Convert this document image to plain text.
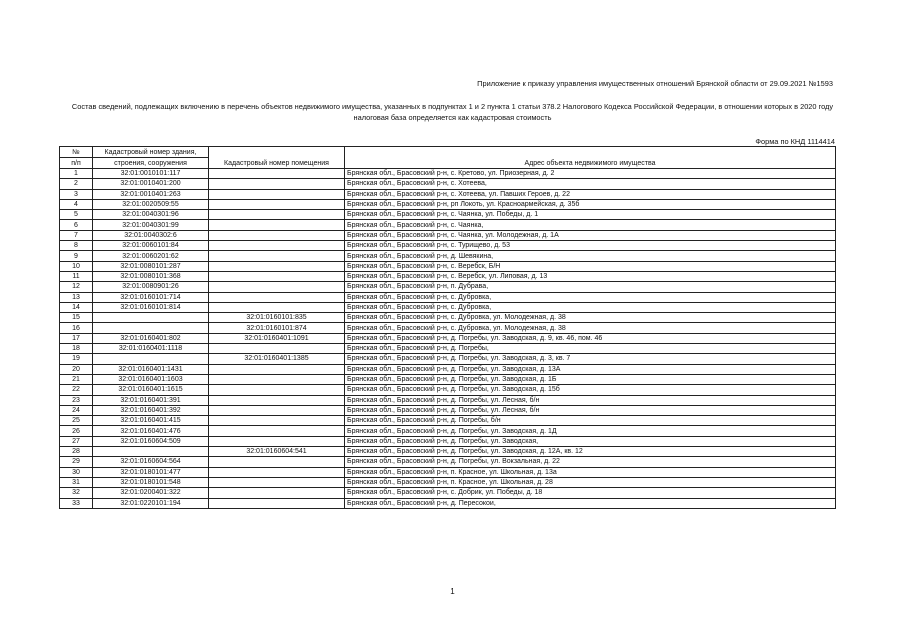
Приложение к приказу управления имущественных отношений Брянской области от 29.09.2021 №1593
Состав сведений, подлежащих включению в перечень объектов недвижимого имущества, указанных в подпунктах 1 и 2 пункта 1 статьи 378.2 Налогового Кодекса Российской Федерации, в отношении которых в 2020 году налоговая база определяется как кадастровая стоимость
Форма по КНД 1114414
№	Кадастровый номер здания,	Кадастровый номер помещения	Адрес объекта недвижимого имущества
п/п	строения, сооружения		
1	32:01:0010101:117		Брянская обл., Брасовский р-н, с. Кретово, ул. Приозерная, д. 2
2	32:01:0010401:200		Брянская обл., Брасовский р-н, с. Хотеева,
3	32:01:0010401:263		Брянская обл., Брасовский р-н, с. Хотеева, ул. Павших Героев, д. 22
4	32:01:0020509:55		Брянская обл., Брасовский р-н, рп Локоть, ул. Красноармейская, д. 35б
5	32:01:0040301:96		Брянская обл., Брасовский р-н, с. Чаянка, ул. Победы, д. 1
6	32:01:0040301:99		Брянская обл., Брасовский р-н, с. Чаянка,
7	32:01:0040302:6		Брянская обл., Брасовский р-н, с. Чаянка, ул. Молодежная, д. 1А
8	32:01:0060101:84		Брянская обл., Брасовский р-н, с. Турищево, д. 53
9	32:01:0060201:62		Брянская обл., Брасовский р-н, д. Шевякина,
10	32:01:0080101:287		Брянская обл., Брасовский р-н, с. Веребск, Б/Н
11	32:01:0080101:368		Брянская обл., Брасовский р-н, с. Веребск, ул. Липовая, д. 13
12	32:01:0080901:26		Брянская обл., Брасовский р-н, п. Дубрава,
13	32:01:0160101:714		Брянская обл., Брасовский р-н, с. Дубровка,
14	32:01:0160101:814		Брянская обл., Брасовский р-н, с. Дубровка,
15		32:01:0160101:835	Брянская обл., Брасовский р-н, с. Дубровка, ул. Молодежная, д. 38
16		32:01:0160101:874	Брянская обл., Брасовский р-н, с. Дубровка, ул. Молодежная, д. 38
17	32:01:0160401:802	32:01:0160401:1091	Брянская обл., Брасовский р-н, д. Погребы, ул. Заводская, д. 9, кв. 46, пом. 46
18	32:01:0160401:1118		Брянская обл., Брасовский р-н, д. Погребы,
19		32:01:0160401:1385	Брянская обл., Брасовский р-н, д. Погребы, ул. Заводская, д. 3, кв. 7
20	32:01:0160401:1431		Брянская обл., Брасовский р-н, д. Погребы, ул. Заводская, д. 13А
21	32:01:0160401:1603		Брянская обл., Брасовский р-н, д. Погребы, ул. Заводская, д. 1Б
22	32:01:0160401:1615		Брянская обл., Брасовский р-н, д. Погребы, ул. Заводская, д. 15б
23	32:01:0160401:391		Брянская обл., Брасовский р-н, д. Погребы, ул. Лесная, б/н
24	32:01:0160401:392		Брянская обл., Брасовский р-н, д. Погребы, ул. Лесная, б/н
25	32:01:0160401:415		Брянская обл., Брасовский р-н, д. Погребы, б/н
26	32:01:0160401:476		Брянская обл., Брасовский р-н, д. Погребы, ул. Заводская, д. 1Д
27	32:01:0160604:509		Брянская обл., Брасовский р-н, д. Погребы, ул. Заводская,
28		32:01:0160604:541	Брянская обл., Брасовский р-н, д. Погребы, ул. Заводская, д. 12А, кв. 12
29	32:01:0160604:564		Брянская обл., Брасовский р-н, д. Погребы, ул. Вокзальная, д. 22
30	32:01:0180101:477		Брянская обл., Брасовский р-н, п. Красное, ул. Школьная, д. 13а
31	32:01:0180101:548		Брянская обл., Брасовский р-н, п. Красное, ул. Школьная, д. 28
32	32:01:0200401:322		Брянская обл., Брасовский р-н, с. Добрик, ул. Победы, д. 18
33	32:01:0220101:194		Брянская обл., Брасовский р-н, д. Пересокои,
1
